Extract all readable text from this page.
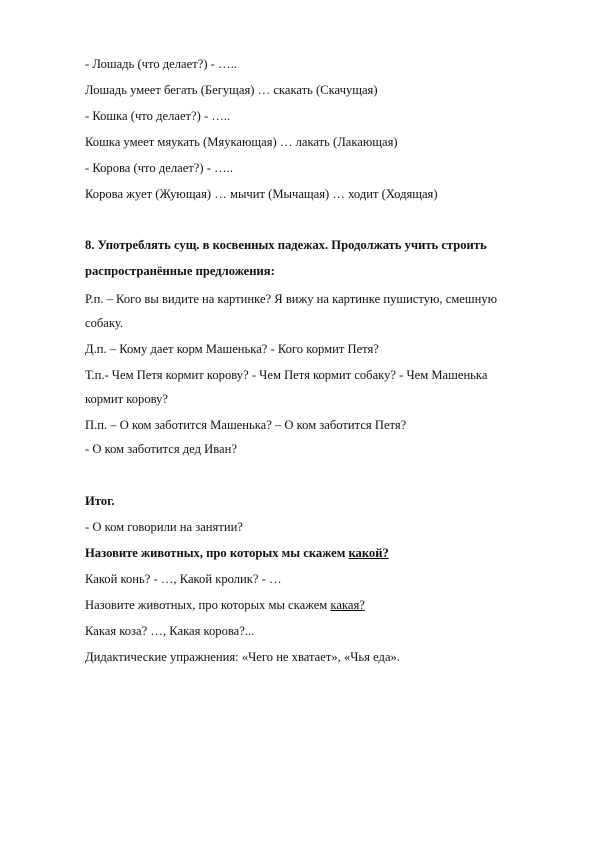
- Лошадь (что делает?) - …..

Лошадь умеет бегать (Бегущая) … скакать (Скачущая)

- Кошка (что делает?) - …..

Кошка умеет мяукать (Мяукающая) … лакать (Лакающая)

- Корова (что делает?) - …..

Корова жует (Жующая) … мычит (Мычащая) … ходит (Ходящая)

8. Употреблять сущ. в косвенных падежах. Продолжать учить строить

распространённые предложения:

Р.п. – Кого вы видите на картинке? Я вижу на картинке пушистую, смешную

собаку.

Д.п. – Кому дает корм Машенька? - Кого кормит Петя?

Т.п.- Чем Петя кормит корову? - Чем Петя кормит собаку? - Чем Машенька

кормит корову?

П.п. – О ком заботится Машенька? – О ком заботится Петя?

- О ком заботится дед Иван?

Итог.

- О ком говорили на занятии?

Назовите животных, про которых мы скажем какой?

Какой конь? - …, Какой кролик? - …

Назовите животных, про которых мы скажем какая?

Какая коза? …, Какая корова?...

Дидактические упражнения: «Чего не хватает», «Чья еда».
